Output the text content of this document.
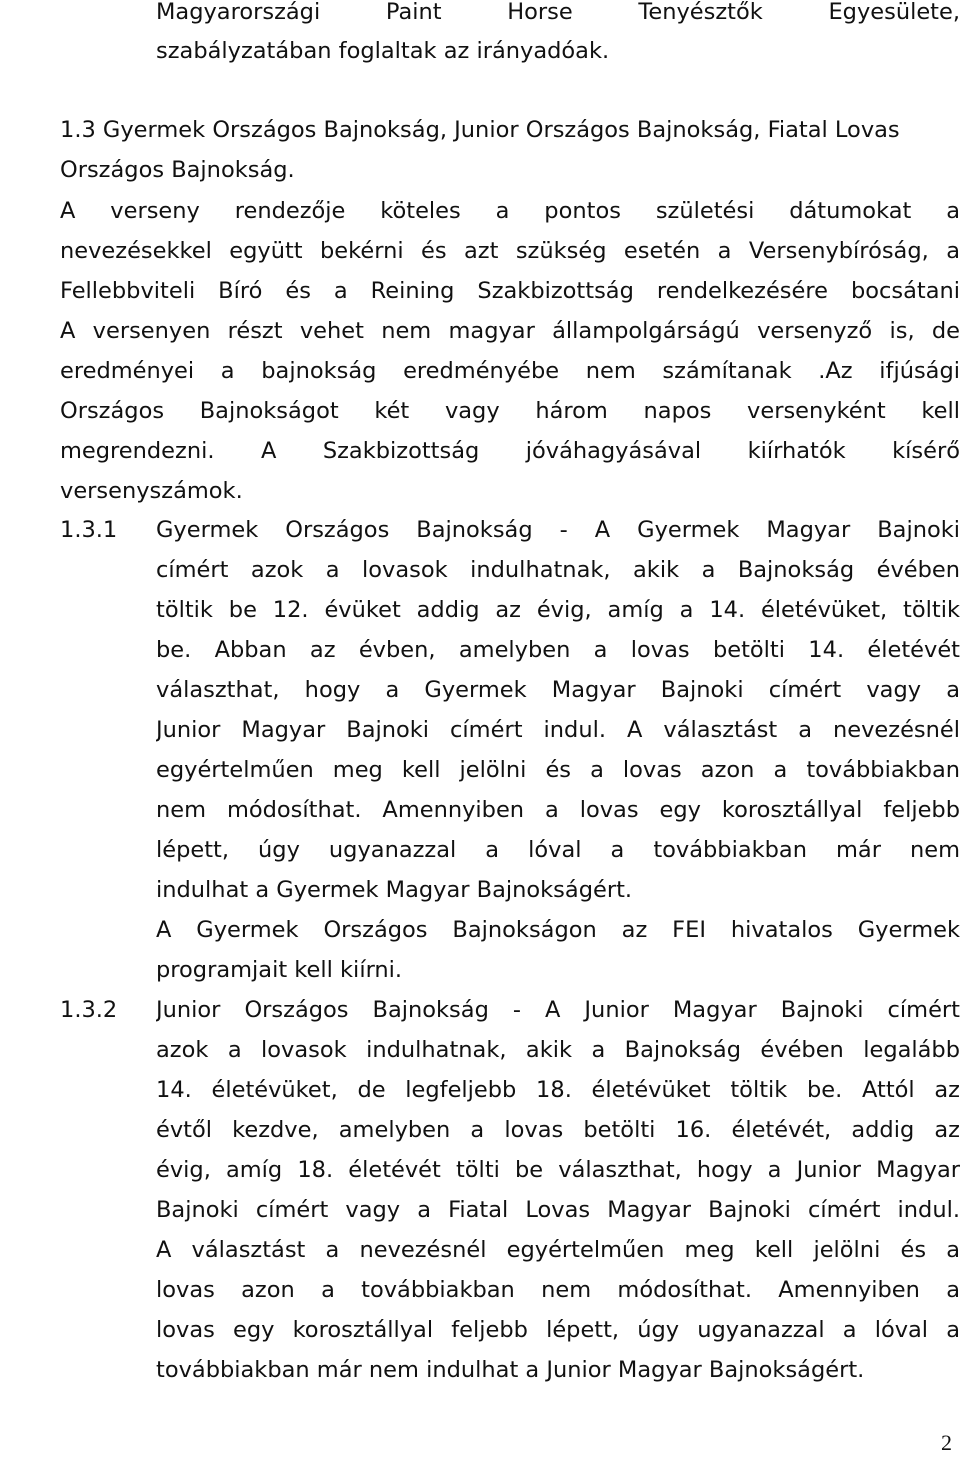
Magyarországi Paint Horse Tenyésztők Egyesülete,
szabályzatában foglaltak az irányadóak.
1.3 Gyermek Országos Bajnokság, Junior Országos Bajnokság, Fiatal Lovas
Országos Bajnokság.
A verseny rendezője köteles a pontos születési dátumokat a
nevezésekkel együtt bekérni és azt szükség esetén a Versenybíróság, a
Fellebbviteli Bíró és a Reining Szakbizottság rendelkezésére bocsátani
A versenyen részt vehet nem magyar állampolgárságú versenyző is, de
eredményei a bajnokság eredményébe nem számítanak .Az ifjúsági
Országos Bajnokságot két vagy három napos versenyként kell
megrendezni. A Szakbizottság jóváhagyásával kiírhatók kísérő
versenyszámok.
1.3.1 Gyermek Országos Bajnokság - A Gyermek Magyar Bajnoki
címért azok a lovasok indulhatnak, akik a Bajnokság évében
töltik be 12. évüket addig az évig, amíg a 14. életévüket, töltik
be. Abban az évben, amelyben a lovas betölti 14. életévét
választhat, hogy a Gyermek Magyar Bajnoki címért vagy a
Junior Magyar Bajnoki címért indul. A választást a nevezésnél
egyértelműen meg kell jelölni és a lovas azon a továbbiakban
nem módosíthat. Amennyiben a lovas egy korosztállyal feljebb
lépett, úgy ugyanazzal a lóval a továbbiakban már nem
indulhat a Gyermek Magyar Bajnokságért.
A Gyermek Országos Bajnokságon az FEI hivatalos Gyermek
programjait kell kiírni.
1.3.2 Junior Országos Bajnokság - A Junior Magyar Bajnoki címért
azok a lovasok indulhatnak, akik a Bajnokság évében legalább
14. életévüket, de legfeljebb 18. életévüket töltik be. Attól az
évtől kezdve, amelyben a lovas betölti 16. életévét, addig az
évig, amíg 18. életévét tölti be választhat, hogy a Junior Magyar
Bajnoki címért vagy a Fiatal Lovas Magyar Bajnoki címért indul.
A választást a nevezésnél egyértelműen meg kell jelölni és a
lovas azon a továbbiakban nem módosíthat. Amennyiben a
lovas egy korosztállyal feljebb lépett, úgy ugyanazzal a lóval a
továbbiakban már nem indulhat a Junior Magyar Bajnokságért.
2
